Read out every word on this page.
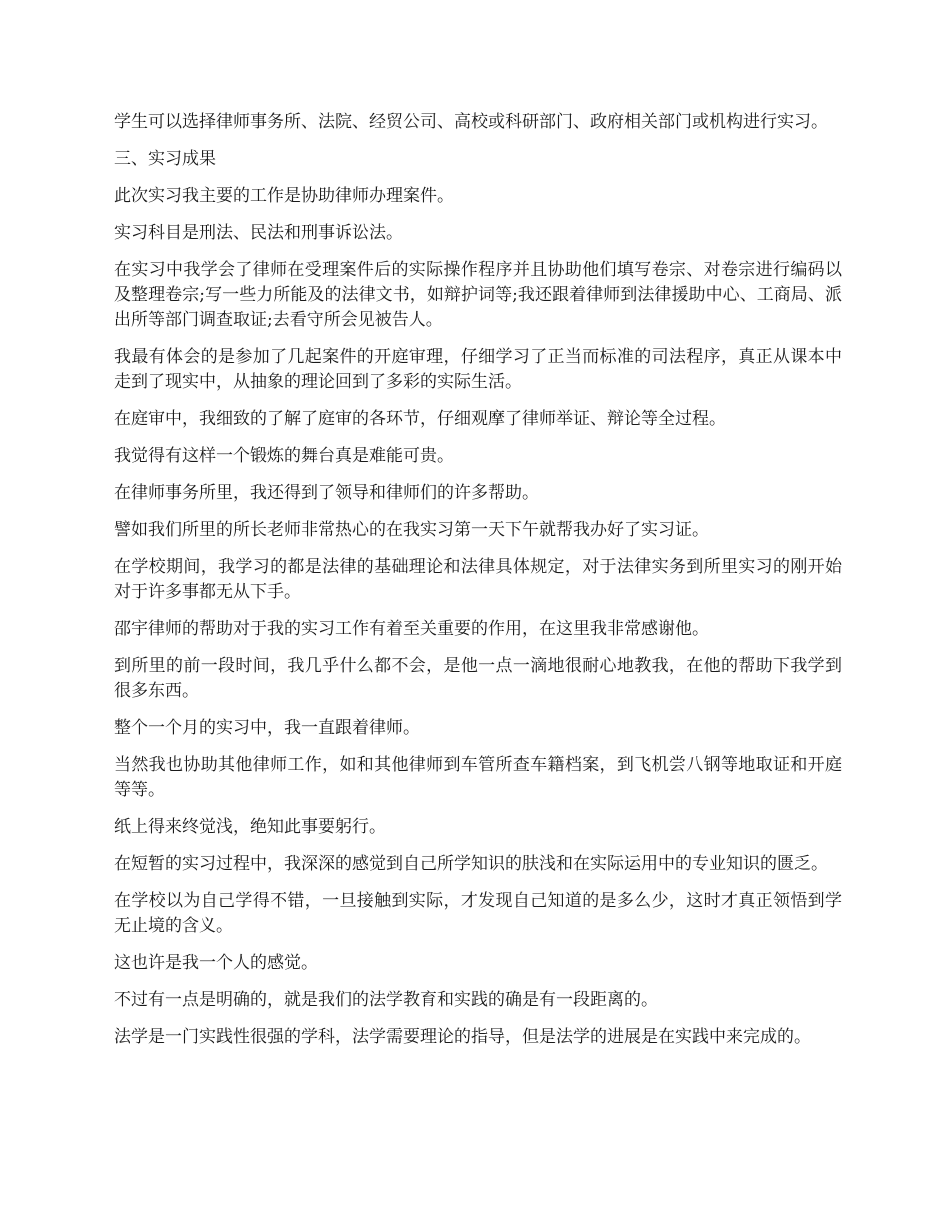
学生可以选择律师事务所、法院、经贸公司、高校或科研部门、政府相关部门或机构进行实习。

三、实习成果

此次实习我主要的工作是协助律师办理案件。

实习科目是刑法、民法和刑事诉讼法。

在实习中我学会了律师在受理案件后的实际操作程序并且协助他们填写卷宗、对卷宗进行编码以及整理卷宗;写一些力所能及的法律文书，如辩护词等;我还跟着律师到法律援助中心、工商局、派出所等部门调查取证;去看守所会见被告人。

我最有体会的是参加了几起案件的开庭审理，仔细学习了正当而标准的司法程序，真正从课本中走到了现实中，从抽象的理论回到了多彩的实际生活。

在庭审中，我细致的了解了庭审的各环节，仔细观摩了律师举证、辩论等全过程。

我觉得有这样一个锻炼的舞台真是难能可贵。

在律师事务所里，我还得到了领导和律师们的许多帮助。

譬如我们所里的所长老师非常热心的在我实习第一天下午就帮我办好了实习证。

在学校期间，我学习的都是法律的基础理论和法律具体规定，对于法律实务到所里实习的刚开始对于许多事都无从下手。

邵宇律师的帮助对于我的实习工作有着至关重要的作用，在这里我非常感谢他。

到所里的前一段时间，我几乎什么都不会，是他一点一滴地很耐心地教我，在他的帮助下我学到很多东西。

整个一个月的实习中，我一直跟着律师。

当然我也协助其他律师工作，如和其他律师到车管所查车籍档案，到飞机尝八钢等地取证和开庭等等。

纸上得来终觉浅，绝知此事要躬行。

在短暂的实习过程中，我深深的感觉到自己所学知识的肤浅和在实际运用中的专业知识的匮乏。

在学校以为自己学得不错，一旦接触到实际，才发现自己知道的是多么少，这时才真正领悟到学无止境的含义。

这也许是我一个人的感觉。

不过有一点是明确的，就是我们的法学教育和实践的确是有一段距离的。

法学是一门实践性很强的学科，法学需要理论的指导，但是法学的进展是在实践中来完成的。
